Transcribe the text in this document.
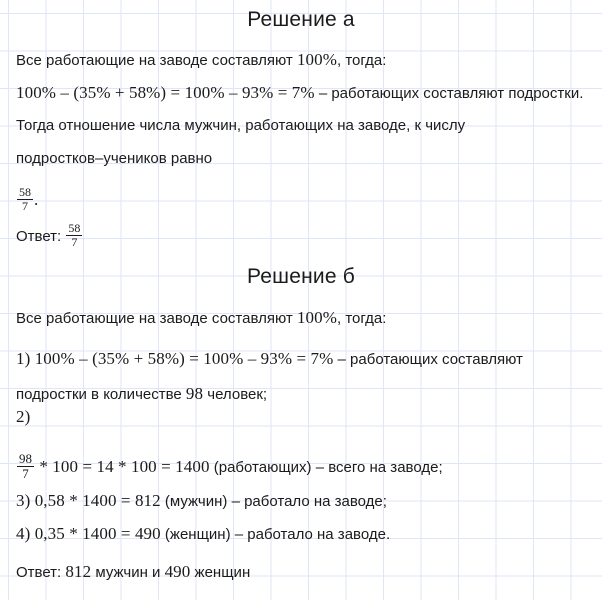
Решение а
Все работающие на заводе составляют 100%, тогда:
100% – (35% + 58%) = 100% – 93% = 7% – работающих составляют подростки.
Тогда отношение числа мужчин, работающих на заводе, к числу
подростков–учеников равно
$\frac{58}{7}$ .
Ответ: $\frac{58}{7}$
Решение б
Все работающие на заводе составляют 100%, тогда:
1) 100% – (35% + 58%) = 100% – 93% = 7% – работающих составляют
подростки в количестве 98 человек;
2)
$\frac{98}{7} * 100 = 14 * 100 = 1400$ (работающих) – всего на заводе;
3) 0,58 * 1400 = 812 (мужчин) – работало на заводе;
4) 0,35 * 1400 = 490 (женщин) – работало на заводе.
Ответ: 812 мужчин и 490 женщин
